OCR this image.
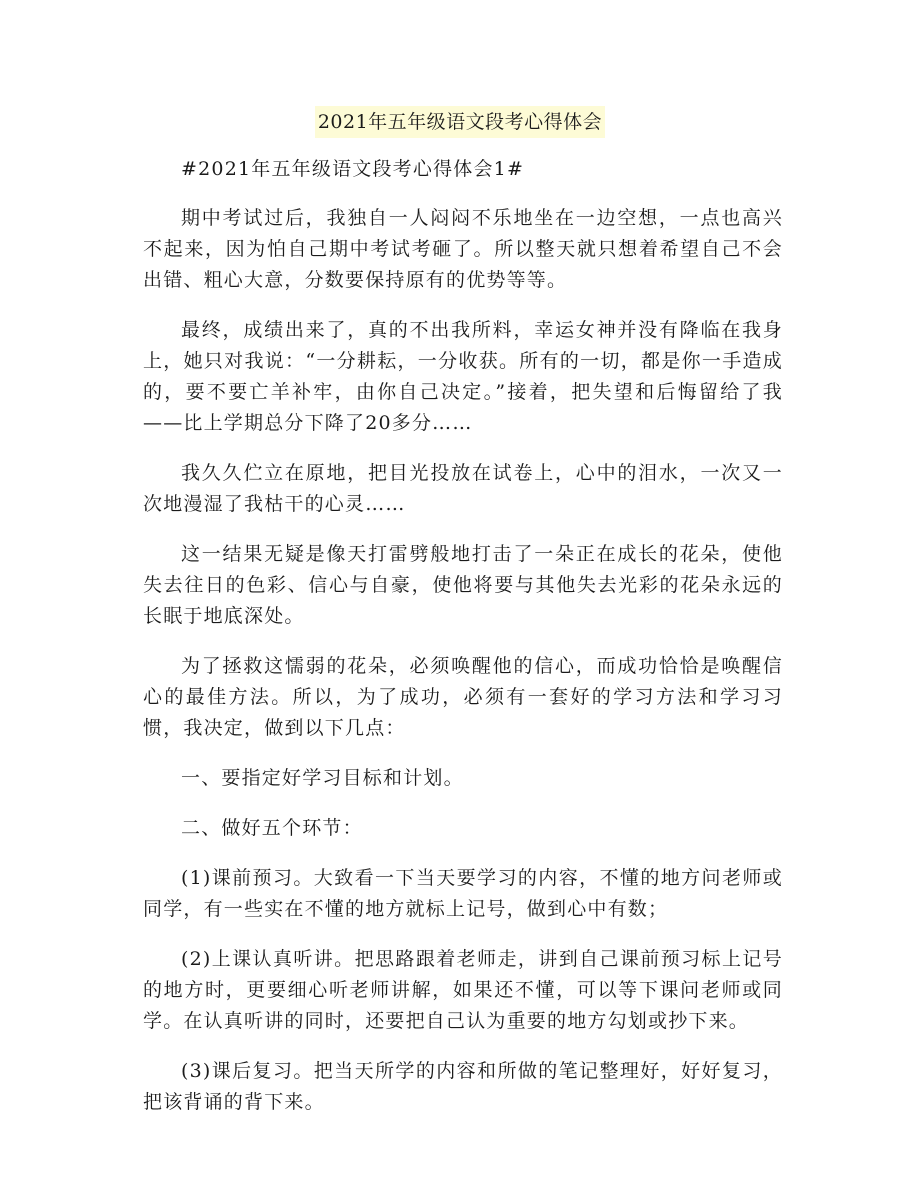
2021年五年级语文段考心得体会

#2021年五年级语文段考心得体会1#

期中考试过后，我独自一人闷闷不乐地坐在一边空想，一点也高兴不起来，因为怕自己期中考试考砸了。所以整天就只想着希望自己不会出错、粗心大意，分数要保持原有的优势等等。

最终，成绩出来了，真的不出我所料，幸运女神并没有降临在我身上，她只对我说：“一分耕耘，一分收获。所有的一切，都是你一手造成的，要不要亡羊补牢，由你自己决定。”接着，把失望和后悔留给了我——比上学期总分下降了20多分……

我久久伫立在原地，把目光投放在试卷上，心中的泪水，一次又一次地漫湿了我枯干的心灵……

这一结果无疑是像天打雷劈般地打击了一朵正在成长的花朵，使他失去往日的色彩、信心与自豪，使他将要与其他失去光彩的花朵永远的长眠于地底深处。

为了拯救这懦弱的花朵，必须唤醒他的信心，而成功恰恰是唤醒信心的最佳方法。所以，为了成功，必须有一套好的学习方法和学习习惯，我决定，做到以下几点：

一、要指定好学习目标和计划。

二、做好五个环节：

(1)课前预习。大致看一下当天要学习的内容，不懂的地方问老师或同学，有一些实在不懂的地方就标上记号，做到心中有数；

(2)上课认真听讲。把思路跟着老师走，讲到自己课前预习标上记号的地方时，更要细心听老师讲解，如果还不懂，可以等下课问老师或同学。在认真听讲的同时，还要把自己认为重要的地方勾划或抄下来。

(3)课后复习。把当天所学的内容和所做的笔记整理好，好好复习，把该背诵的背下来。
